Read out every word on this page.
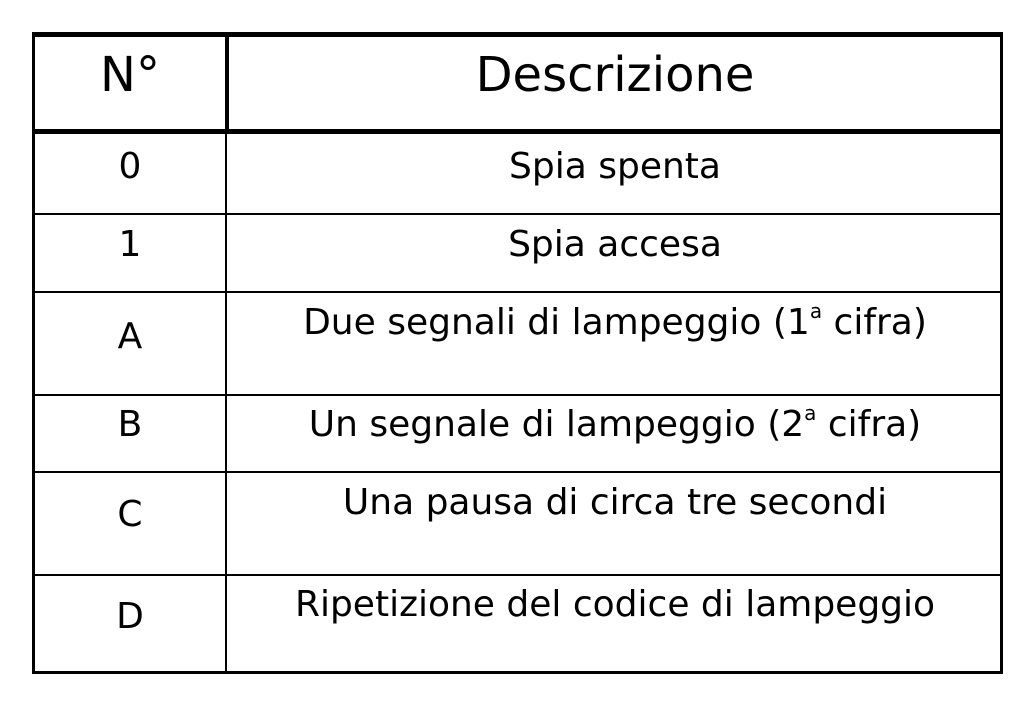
N°	Descrizione
0	Spia spenta
1	Spia accesa
A	Due segnali di lampeggio (1$^a$ cifra)
B	Un segnale di lampeggio (2$^a$ cifra)
C	Una pausa di circa tre secondi
D	Ripetizione del codice di lampeggio
